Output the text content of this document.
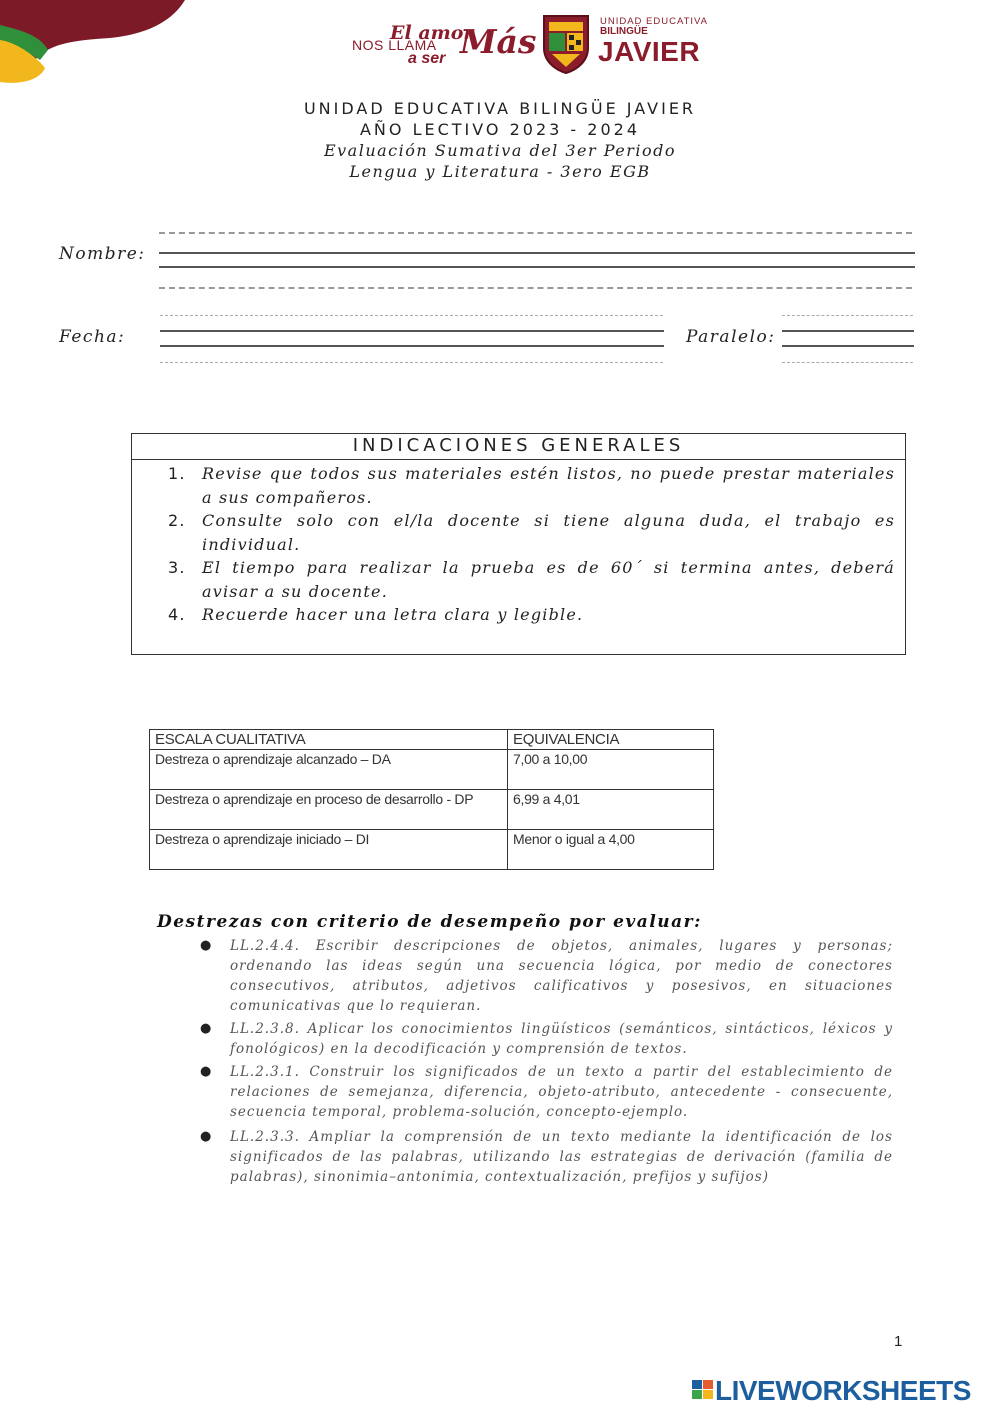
El amor
NOS LLAMA
a ser Más
UNIDAD EDUCATIVA
BILINGÜE
JAVIER
UNIDAD EDUCATIVA BILINGÜE JAVIER
AÑO LECTIVO 2023 - 2024
Evaluación Sumativa del 3er Periodo
Lengua y Literatura - 3ero EGB
Nombre:
Fecha:	Paralelo:
INDICACIONES GENERALES
1. Revise que todos sus materiales estén listos, no puede prestar materiales a sus compañeros.
2. Consulte solo con el/la docente si tiene alguna duda, el trabajo es individual.
3. El tiempo para realizar la prueba es de 60´ si termina antes, deberá avisar a su docente.
4. Recuerde hacer una letra clara y legible.
ESCALA CUALITATIVA	EQUIVALENCIA
Destreza o aprendizaje alcanzado – DA	7,00 a 10,00
Destreza o aprendizaje en proceso de desarrollo - DP	6,99 a 4,01
Destreza o aprendizaje iniciado – DI	Menor o igual a 4,00
Destrezas con criterio de desempeño por evaluar:
● LL.2.4.4. Escribir descripciones de objetos, animales, lugares y personas; ordenando las ideas según una secuencia lógica, por medio de conectores consecutivos, atributos, adjetivos calificativos y posesivos, en situaciones comunicativas que lo requieran.
● LL.2.3.8. Aplicar los conocimientos lingüísticos (semánticos, sintácticos, léxicos y fonológicos) en la decodificación y comprensión de textos.
● LL.2.3.1. Construir los significados de un texto a partir del establecimiento de relaciones de semejanza, diferencia, objeto-atributo, antecedente - consecuente, secuencia temporal, problema-solución, concepto-ejemplo.
● LL.2.3.3. Ampliar la comprensión de un texto mediante la identificación de los significados de las palabras, utilizando las estrategias de derivación (familia de palabras), sinonimia–antonimia, contextualización, prefijos y sufijos)
1
LIVEWORKSHEETS
